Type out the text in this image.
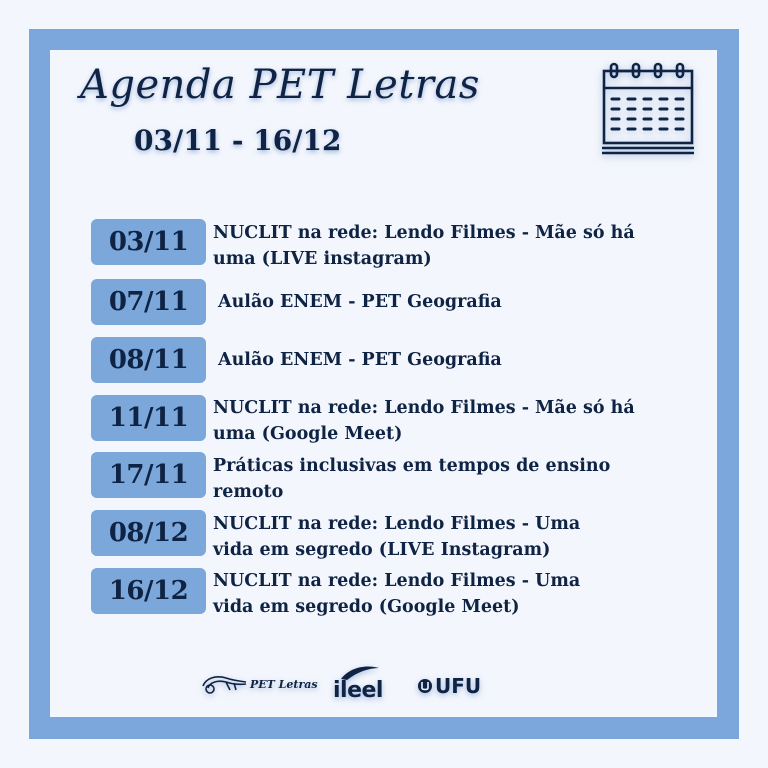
Agenda PET Letras
03/11 - 16/12
03/11	NUCLIT na rede: Lendo Filmes - Mãe só há
uma (LIVE instagram)
07/11	Aulão ENEM - PET Geografia
08/11	Aulão ENEM - PET Geografia
11/11	NUCLIT na rede: Lendo Filmes - Mãe só há
uma (Google Meet)
17/11	Práticas inclusivas em tempos de ensino
remoto
08/12	NUCLIT na rede: Lendo Filmes - Uma
vida em segredo (LIVE Instagram)
16/12	NUCLIT na rede: Lendo Filmes - Uma
vida em segredo (Google Meet)
PET Letras ileel	UFU
